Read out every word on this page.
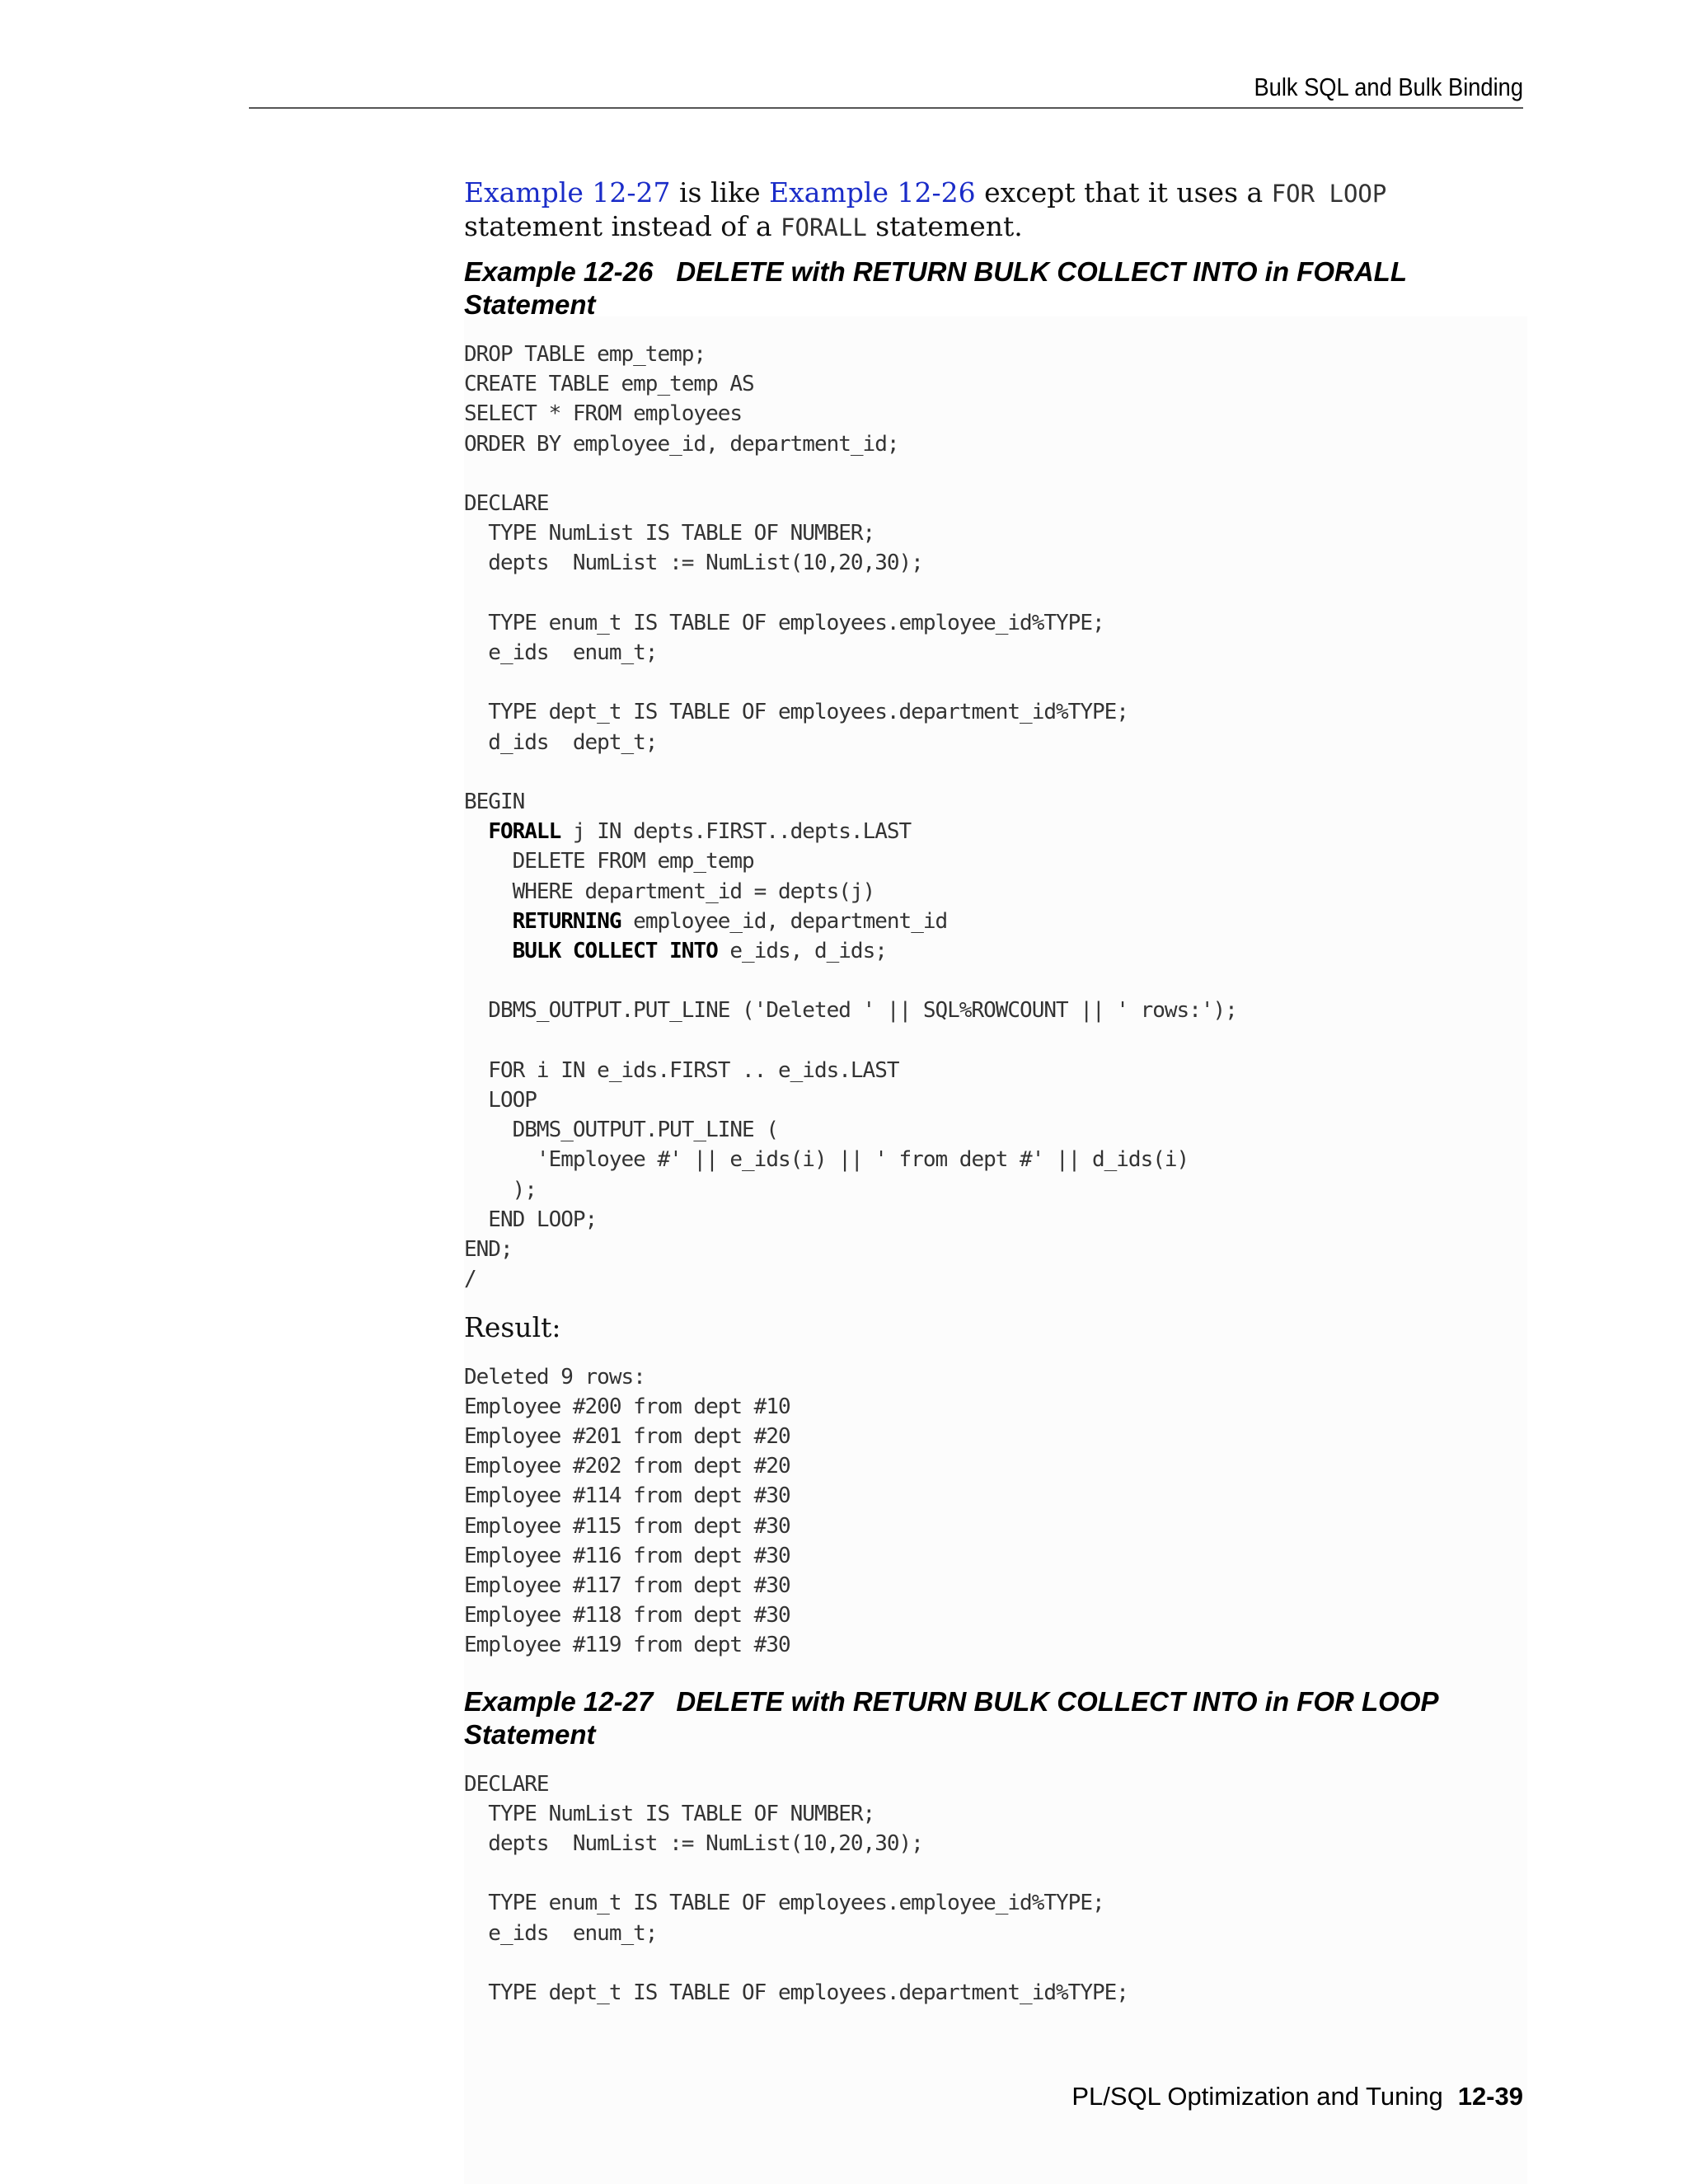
Bulk SQL and Bulk Binding

Example 12-27 is like Example 12-26 except that it uses a FOR LOOP statement instead of a FORALL statement.

Example 12-26 DELETE with RETURN BULK COLLECT INTO in FORALL Statement

DROP TABLE emp_temp;
CREATE TABLE emp_temp AS
SELECT * FROM employees
ORDER BY employee_id, department_id;

DECLARE
TYPE NumList IS TABLE OF NUMBER;
depts  NumList := NumList(10,20,30);

TYPE enum_t IS TABLE OF employees.employee_id%TYPE;
e_ids  enum_t;

TYPE dept_t IS TABLE OF employees.department_id%TYPE;
d_ids  dept_t;

BEGIN
FORALL j IN depts.FIRST..depts.LAST
DELETE FROM emp_temp
WHERE department_id = depts(j)
RETURNING employee_id, department_id
BULK COLLECT INTO e_ids, d_ids;

DBMS_OUTPUT.PUT_LINE ('Deleted ' || SQL%ROWCOUNT || ' rows:');

FOR i IN e_ids.FIRST .. e_ids.LAST
LOOP
DBMS_OUTPUT.PUT_LINE (
'Employee #' || e_ids(i) || ' from dept #' || d_ids(i)
);
END LOOP;
END;
/

Result:

Deleted 9 rows:
Employee #200 from dept #10
Employee #201 from dept #20
Employee #202 from dept #20
Employee #114 from dept #30
Employee #115 from dept #30
Employee #116 from dept #30
Employee #117 from dept #30
Employee #118 from dept #30
Employee #119 from dept #30

Example 12-27 DELETE with RETURN BULK COLLECT INTO in FOR LOOP Statement

DECLARE
TYPE NumList IS TABLE OF NUMBER;
depts  NumList := NumList(10,20,30);

TYPE enum_t IS TABLE OF employees.employee_id%TYPE;
e_ids  enum_t;

TYPE dept_t IS TABLE OF employees.department_id%TYPE;
PL/SQL Optimization and Tuning 12-39
